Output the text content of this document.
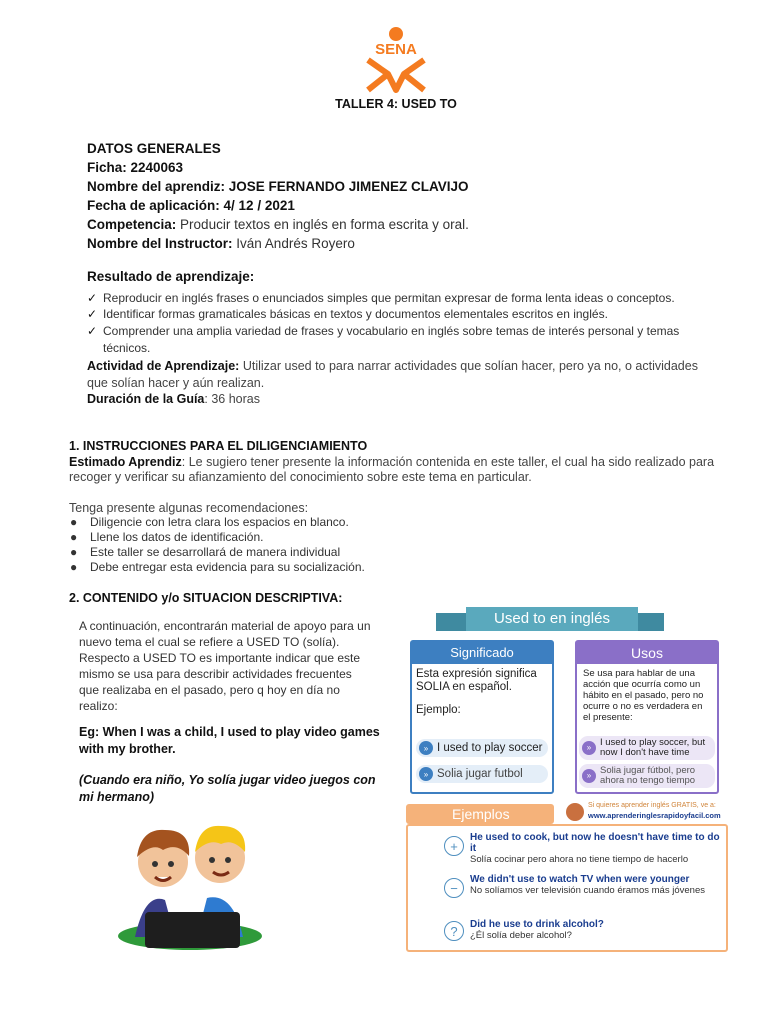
SENA
TALLER 4: USED TO
DATOS GENERALES
Ficha: 2240063
Nombre del aprendiz: JOSE FERNANDO JIMENEZ CLAVIJO
Fecha de aplicación: 4/ 12 / 2021
Competencia: Producir textos en inglés en forma escrita y oral.
Nombre del Instructor: Iván Andrés Royero
Resultado de aprendizaje:
✓ Reproducir en inglés frases o enunciados simples que permitan expresar de forma lenta ideas o conceptos.
✓ Identificar formas gramaticales básicas en textos y documentos elementales escritos en inglés.
✓ Comprender una amplia variedad de frases y vocabulario en inglés sobre temas de interés personal y temas
técnicos.
Actividad de Aprendizaje: Utilizar used to para narrar actividades que solían hacer, pero ya no, o actividades
que solían hacer y aún realizan.
Duración de la Guía: 36 horas
1. INSTRUCCIONES PARA EL DILIGENCIAMIENTO
Estimado Aprendiz: Le sugiero tener presente la información contenida en este taller, el cual ha sido realizado para
recoger y verificar su afianzamiento del conocimiento sobre este tema en particular.
Tenga presente algunas recomendaciones:
● Diligencie con letra clara los espacios en blanco.
● Llene los datos de identificación.
● Este taller se desarrollará de manera individual
● Debe entregar esta evidencia para su socialización.
2. CONTENIDO y/o SITUACION DESCRIPTIVA:
A continuación, encontrarán material de apoyo para un
nuevo tema el cual se refiere a USED TO (solía).
Respecto a USED TO es importante indicar que este
mismo se usa para describir actividades frecuentes
que realizaba en el pasado, pero q hoy en día no
realizo:
Eg: When I was a child, I used to play video games
with my brother.
(Cuando era niño, Yo solía jugar video juegos con
mi hermano)
Used to en inglés
Significado
Esta expresión significa
SOLIA en español.
Ejemplo:
» I used to play soccer
» Solia jugar futbol
Usos
Se usa para hablar de una
acción que ocurría como un
hábito en el pasado, pero no
ocurre o no es verdadera en
el presente:
» I used to play soccer, but
now I don't have time
» Solia jugar fútbol, pero
ahora no tengo tiempo
Ejemplos
Si quieres aprender inglés GRATIS, ve a:
www.aprenderinglesrapidoyfacil.com
+
He used to cook, but now he doesn't have time to do it
Solía cocinar pero ahora no tiene tiempo de hacerlo
−
We didn't use to watch TV when were younger
No solíamos ver televisión cuando éramos más jóvenes
?	Did he use to drink alcohol?
¿Él solía deber alcohol?
